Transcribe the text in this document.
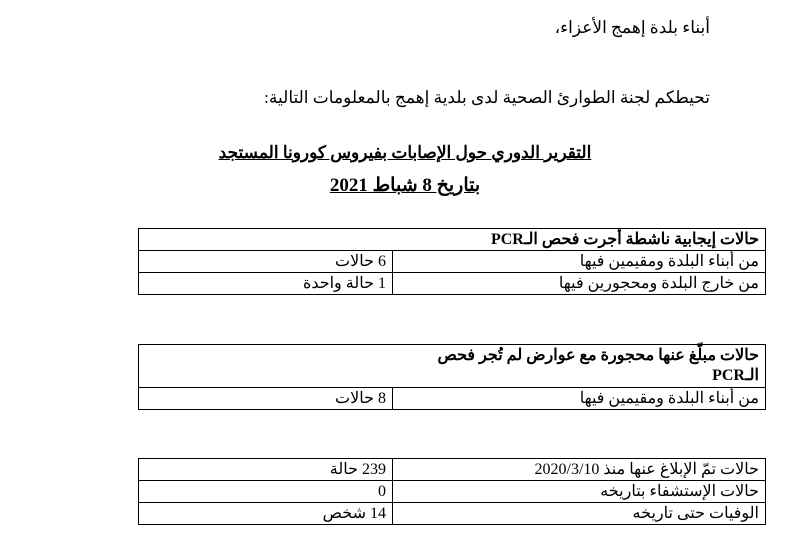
أبناء بلدة إهمج الأعزاء،
تحيطكم لجنة الطوارئ الصحية لدى بلدية إهمج بالمعلومات التالية:
التقرير الدوري حول الإصابات بفيروس كورونا المستجد
بتاريخ 8 شباط 2021
حالات إيجابية ناشطة أجرت فحص الـPCR	
من أبناء البلدة ومقيمين فيها	6 حالات
من خارج البلدة ومحجورين فيها	1 حالة واحدة
حالات مبلّغ عنها محجورة مع عوارض لم تُجر فحص
الـPCR

من أبناء البلدة ومقيمين فيها	8 حالات
حالات تمّ الإبلاغ عنها منذ 2020/3/10	239 حالة
حالات الإستشفاء بتاريخه	0
الوفيات حتى تاريخه	14 شخص
